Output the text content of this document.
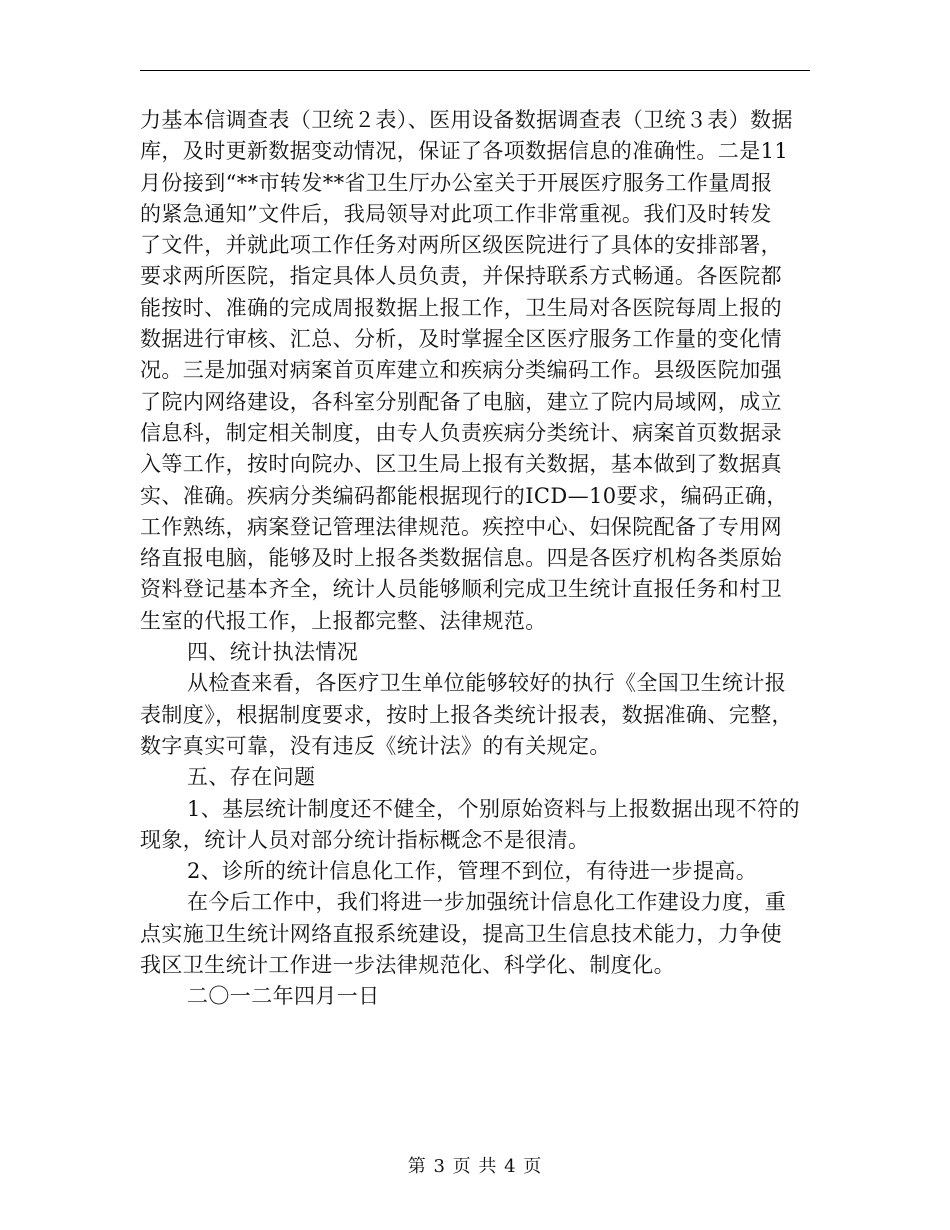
力基本信调查表（卫统２表）、医用设备数据调查表（卫统３表）数据
库，及时更新数据变动情况，保证了各项数据信息的准确性。二是11
月份接到“**市转发**省卫生厅办公室关于开展医疗服务工作量周报
的紧急通知”文件后，我局领导对此项工作非常重视。我们及时转发
了文件，并就此项工作任务对两所区级医院进行了具体的安排部署，
要求两所医院，指定具体人员负责，并保持联系方式畅通。各医院都
能按时、准确的完成周报数据上报工作，卫生局对各医院每周上报的
数据进行审核、汇总、分析，及时掌握全区医疗服务工作量的变化情
况。三是加强对病案首页库建立和疾病分类编码工作。县级医院加强
了院内网络建设，各科室分别配备了电脑，建立了院内局域网，成立
信息科，制定相关制度，由专人负责疾病分类统计、病案首页数据录
入等工作，按时向院办、区卫生局上报有关数据，基本做到了数据真
实、准确。疾病分类编码都能根据现行的ICD—10要求，编码正确，
工作熟练，病案登记管理法律规范。疾控中心、妇保院配备了专用网
络直报电脑，能够及时上报各类数据信息。四是各医疗机构各类原始
资料登记基本齐全，统计人员能够顺利完成卫生统计直报任务和村卫
生室的代报工作，上报都完整、法律规范。
四、统计执法情况
从检查来看，各医疗卫生单位能够较好的执行《全国卫生统计报
表制度》，根据制度要求，按时上报各类统计报表，数据准确、完整，
数字真实可靠，没有违反《统计法》的有关规定。
五、存在问题
1、基层统计制度还不健全，个别原始资料与上报数据出现不符的
现象，统计人员对部分统计指标概念不是很清。
2、诊所的统计信息化工作，管理不到位，有待进一步提高。
在今后工作中，我们将进一步加强统计信息化工作建设力度，重
点实施卫生统计网络直报系统建设，提高卫生信息技术能力，力争使
我区卫生统计工作进一步法律规范化、科学化、制度化。
二〇一二年四月一日
第 3 页 共 4 页
